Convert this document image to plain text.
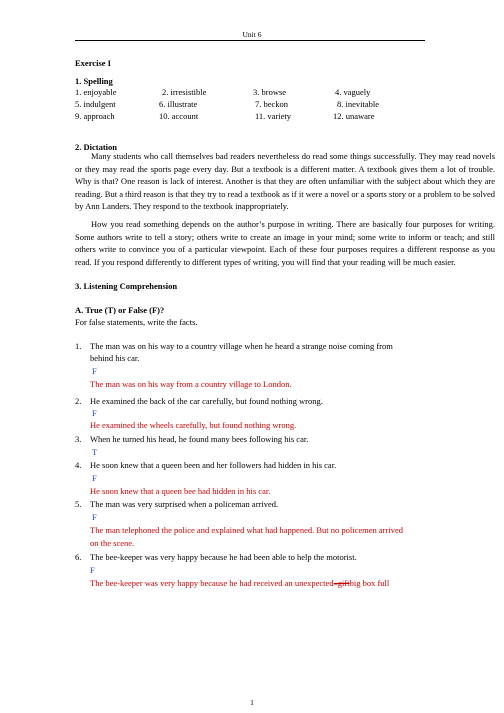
Unit 6
Exercise I
1. Spelling
1. enjoyable	2. irresistible	3. browse	4. vaguely
5. indulgent	6. illustrate	7. beckon	8. inevitable
9. approach	10. account	11. variety	12. unaware
2. Dictation
Many students who call themselves bad readers nevertheless do read some things successfully. They may read novels or they may read the sports page every day. But a textbook is a different matter. A textbook gives them a lot of trouble. Why is that? One reason is lack of interest. Another is that they are often unfamiliar with the subject about which they are reading. But a third reason is that they try to read a textbook as if it were a novel or a sports story or a problem to be solved by Ann Landers. They respond to the textbook inappropriately.
How you read something depends on the author’s purpose in writing. There are basically four purposes for writing. Some authors write to tell a story; others write to create an image in your mind; some write to inform or teach; and still others write to convince you of a particular viewpoint. Each of these four purposes requires a different response as you read. If you respond differently to different types of writing, you will find that your reading will be much easier.
3. Listening Comprehension
A. True (T) or False (F)?
For false statements, write the facts.
1. The man was on his way to a country village when he heard a strange noise coming from
behind his car.
F
The man was on his way from a country village to London.
2. He examined the back of the car carefully, but found nothing wrong.
F
He examined the wheels carefully, but found nothing wrong.
3. When he turned his head, he found many bees following his car.
T
4. He soon knew that a queen been and her followers had hidden in his car.
F
He soon knew that a queen bee had hidden in his car.
5. The man was very surprised when a policeman arrived.
F
The man telephoned the police and explained what had happened. But no policemen arrived
on the scene.
6. The bee-keeper was very happy because he had been able to help the motorist.
F
The bee-keeper was very happy because he had received an unexpected–giftbig box full
1
